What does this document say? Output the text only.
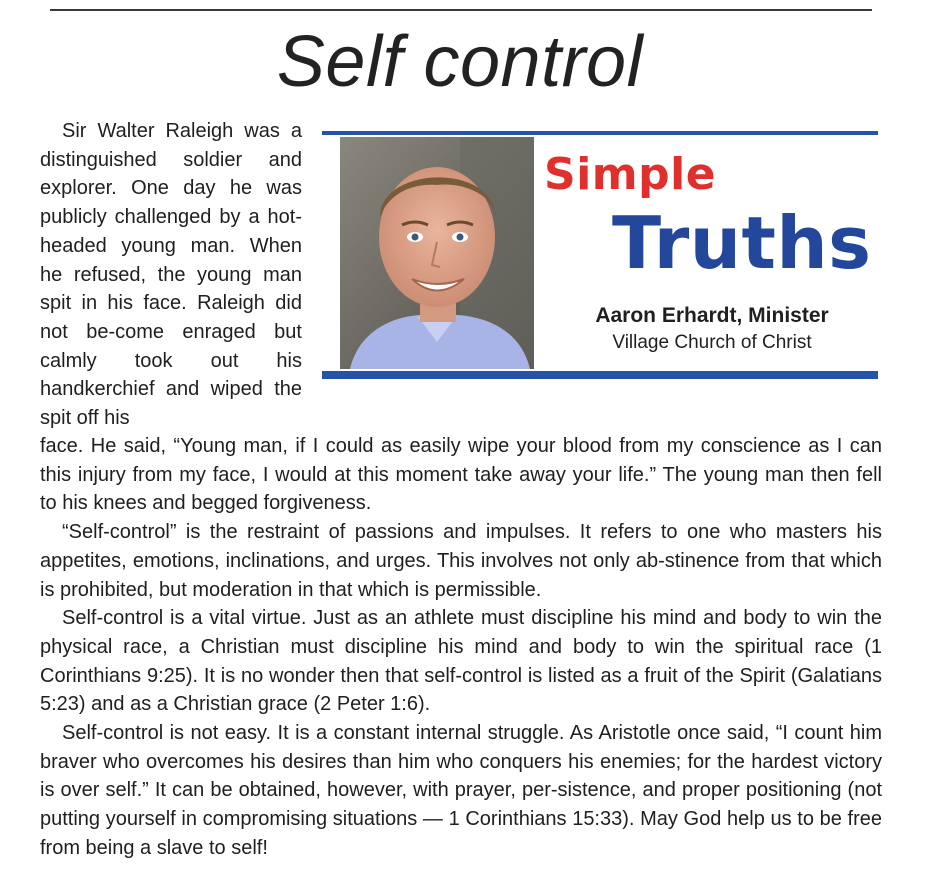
Self control

Sir Walter Raleigh was a distinguished soldier and explorer. One day he was publicly challenged by a hot-headed young man. When he refused, the young man spit in his face. Raleigh did not be-come enraged but calmly took out his handkerchief and wiped the spit off his

Simple
Truths
Aaron Erhardt, Minister
Village Church of Christ

face. He said, “Young man, if I could as easily wipe your blood from my conscience as I can this injury from my face, I would at this moment take away your life.” The young man then fell to his knees and begged forgiveness.

“Self-control” is the restraint of passions and impulses. It refers to one who masters his appetites, emotions, inclinations, and urges. This involves not only ab-stinence from that which is prohibited, but moderation in that which is permissible.

Self-control is a vital virtue. Just as an athlete must discipline his mind and body to win the physical race, a Christian must discipline his mind and body to win the spiritual race (1 Corinthians 9:25). It is no wonder then that self-control is listed as a fruit of the Spirit (Galatians 5:23) and as a Christian grace (2 Peter 1:6).

Self-control is not easy. It is a constant internal struggle. As Aristotle once said, “I count him braver who overcomes his desires than him who conquers his enemies; for the hardest victory is over self.” It can be obtained, however, with prayer, per-sistence, and proper positioning (not putting yourself in compromising situations — 1 Corinthians 15:33). May God help us to be free from being a slave to self!
